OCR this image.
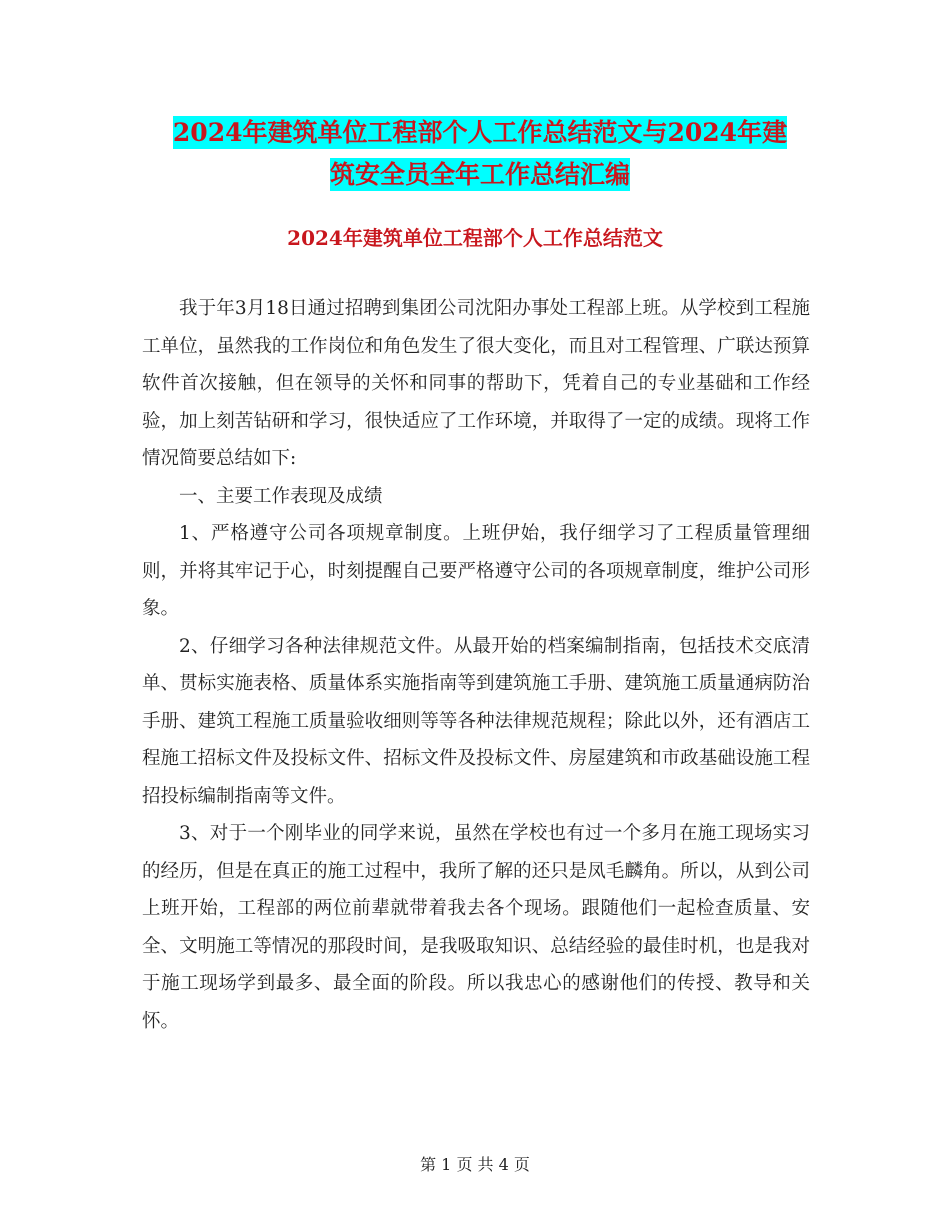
2024年建筑单位工程部个人工作总结范文与2024年建
筑安全员全年工作总结汇编
2024年建筑单位工程部个人工作总结范文

我于年3月18日通过招聘到集团公司沈阳办事处工程部上班。从学校到工程施工单位，虽然我的工作岗位和角色发生了很大变化，而且对工程管理、广联达预算软件首次接触，但在领导的关怀和同事的帮助下，凭着自己的专业基础和工作经验，加上刻苦钻研和学习，很快适应了工作环境，并取得了一定的成绩。现将工作情况简要总结如下:

一、主要工作表现及成绩

1、严格遵守公司各项规章制度。上班伊始，我仔细学习了工程质量管理细则，并将其牢记于心，时刻提醒自己要严格遵守公司的各项规章制度，维护公司形象。

2、仔细学习各种法律规范文件。从最开始的档案编制指南，包括技术交底清单、贯标实施表格、质量体系实施指南等到建筑施工手册、建筑施工质量通病防治手册、建筑工程施工质量验收细则等等各种法律规范规程；除此以外，还有酒店工程施工招标文件及投标文件、招标文件及投标文件、房屋建筑和市政基础设施工程招投标编制指南等文件。

3、对于一个刚毕业的同学来说，虽然在学校也有过一个多月在施工现场实习的经历，但是在真正的施工过程中，我所了解的还只是凤毛麟角。所以，从到公司上班开始，工程部的两位前辈就带着我去各个现场。跟随他们一起检查质量、安全、文明施工等情况的那段时间，是我吸取知识、总结经验的最佳时机，也是我对于施工现场学到最多、最全面的阶段。所以我忠心的感谢他们的传授、教导和关怀。

第 1 页 共 4 页
